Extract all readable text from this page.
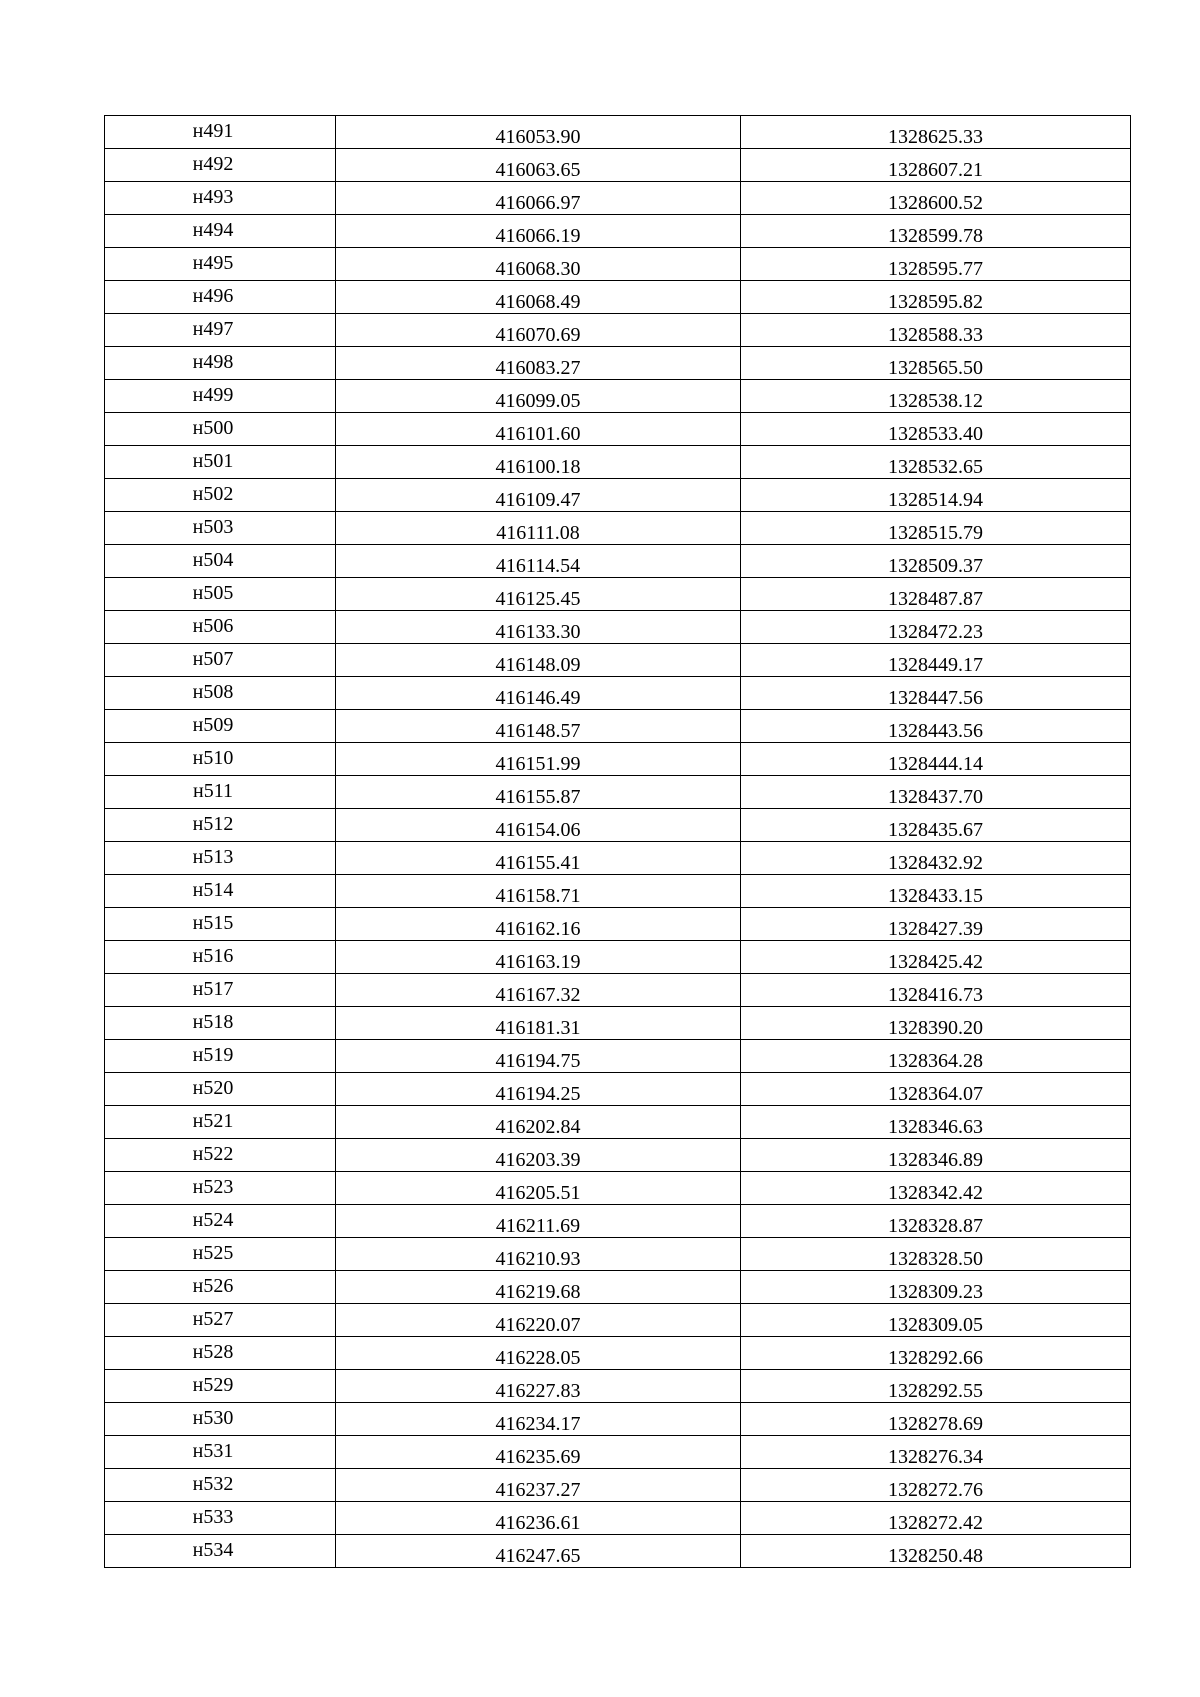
н491	416053.90	1328625.33
н492	416063.65	1328607.21
н493	416066.97	1328600.52
н494	416066.19	1328599.78
н495	416068.30	1328595.77
н496	416068.49	1328595.82
н497	416070.69	1328588.33
н498	416083.27	1328565.50
н499	416099.05	1328538.12
н500	416101.60	1328533.40
н501	416100.18	1328532.65
н502	416109.47	1328514.94
н503	416111.08	1328515.79
н504	416114.54	1328509.37
н505	416125.45	1328487.87
н506	416133.30	1328472.23
н507	416148.09	1328449.17
н508	416146.49	1328447.56
н509	416148.57	1328443.56
н510	416151.99	1328444.14
н511	416155.87	1328437.70
н512	416154.06	1328435.67
н513	416155.41	1328432.92
н514	416158.71	1328433.15
н515	416162.16	1328427.39
н516	416163.19	1328425.42
н517	416167.32	1328416.73
н518	416181.31	1328390.20
н519	416194.75	1328364.28
н520	416194.25	1328364.07
н521	416202.84	1328346.63
н522	416203.39	1328346.89
н523	416205.51	1328342.42
н524	416211.69	1328328.87
н525	416210.93	1328328.50
н526	416219.68	1328309.23
н527	416220.07	1328309.05
н528	416228.05	1328292.66
н529	416227.83	1328292.55
н530	416234.17	1328278.69
н531	416235.69	1328276.34
н532	416237.27	1328272.76
н533	416236.61	1328272.42
н534	416247.65	1328250.48
